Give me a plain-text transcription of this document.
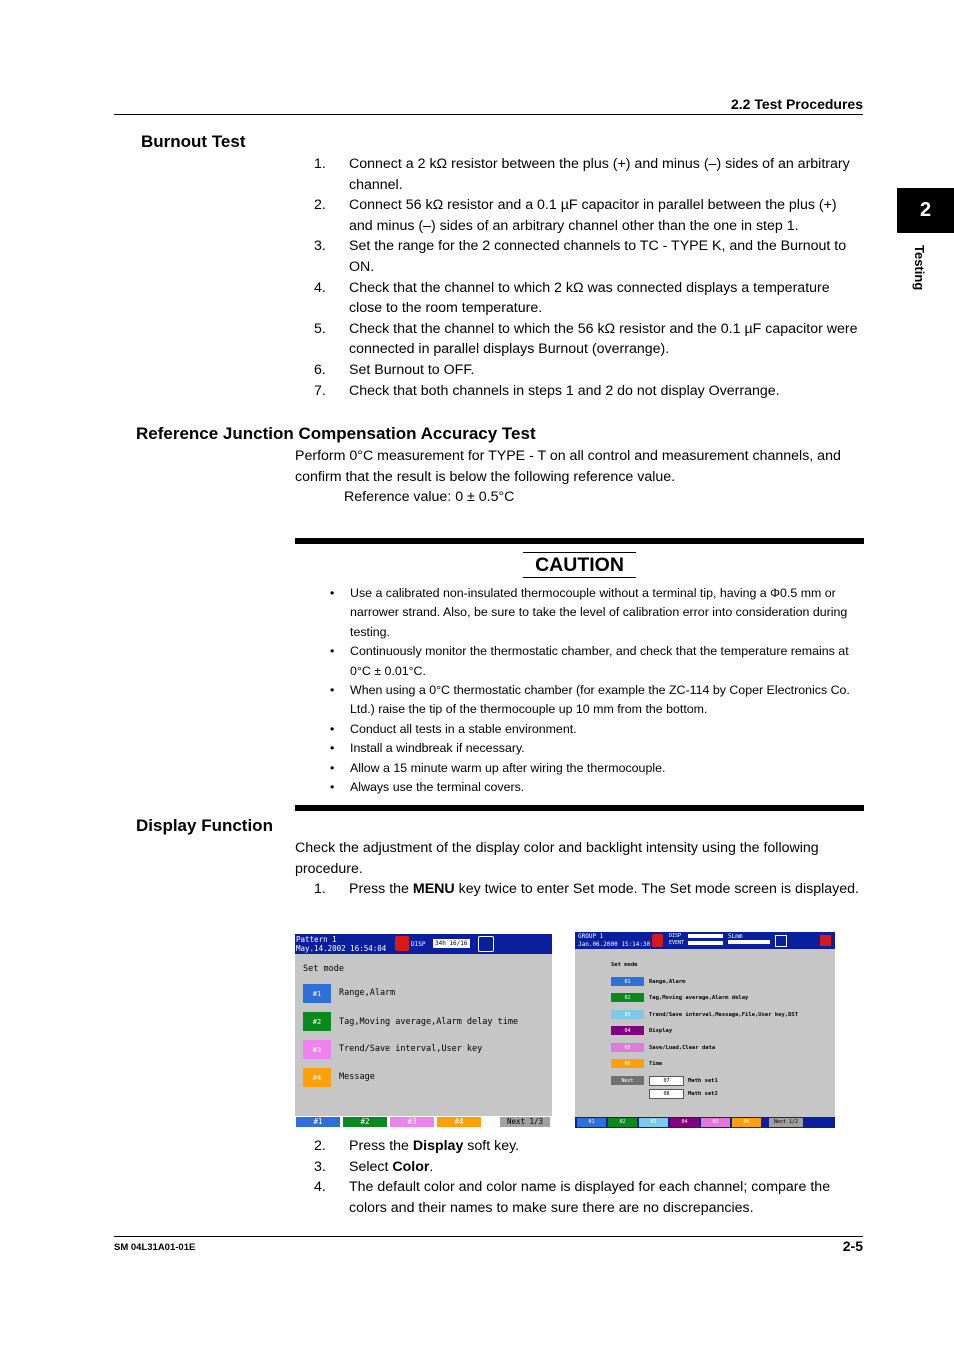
2.2 Test Procedures
2
Testing
Burnout Test
1. Connect a 2 kΩ resistor between the plus (+) and minus (–) sides of an arbitrary channel.
2. Connect 56 kΩ resistor and a 0.1 µF capacitor in parallel between the plus (+) and minus (–) sides of an arbitrary channel other than the one in step 1.
3. Set the range for the 2 connected channels to TC - TYPE K, and the Burnout to ON.
4. Check that the channel to which 2 kΩ was connected displays a temperature close to the room temperature.
5. Check that the channel to which the 56 kΩ resistor and the 0.1 µF capacitor were connected in parallel displays Burnout (overrange).
6. Set Burnout to OFF.
7. Check that both channels in steps 1 and 2 do not display Overrange.
Reference Junction Compensation Accuracy Test

Perform 0°C measurement for TYPE - T on all control and measurement channels, and confirm that the result is below the following reference value.

Reference value: 0 ± 0.5°C

CAUTION
• Use a calibrated non-insulated thermocouple without a terminal tip, having a Φ0.5 mm or narrower strand. Also, be sure to take the level of calibration error into consideration during testing.
• Continuously monitor the thermostatic chamber, and check that the temperature remains at 0°C ± 0.01°C.
• When using a 0°C thermostatic chamber (for example the ZC-114 by Coper Electronics Co. Ltd.) raise the tip of the thermocouple up 10 mm from the bottom.
• Conduct all tests in a stable environment.
• Install a windbreak if necessary.
• Allow a 15 minute warm up after wiring the thermocouple.
• Always use the terminal covers.
Display Function

Check the adjustment of the display color and backlight intensity using the following procedure.

1. Press the MENU key twice to enter Set mode. The Set mode screen is displayed.
Pattern 1
May.14.2002 16:54:04	DISP	34h 16/16
Set mode
#1	Range,Alarm
#2	Tag,Moving average,Alarm delay time
#3	Trend/Save interval,User key
#4	Message
#1	#2	#3	#4	Next 1/3
GROUP 1
Jan.06.2000 15:14:30
DISP
EVENT
5Lmm
Set mode
01	Range,Alarm
02	Tag,Moving average,Alarm delay
03	Trend/Save interval,Message,File,User key,DST
04	Display
05	Save/Load,Clear data
06	Time
Next	07	Math set1
08	Math set2
01	02	03	04	05	06	Next 1/2
2. Press the Display soft key.
3. Select Color.
4. The default color and color name is displayed for each channel; compare the colors and their names to make sure there are no discrepancies.
SM 04L31A01-01E	2-5
